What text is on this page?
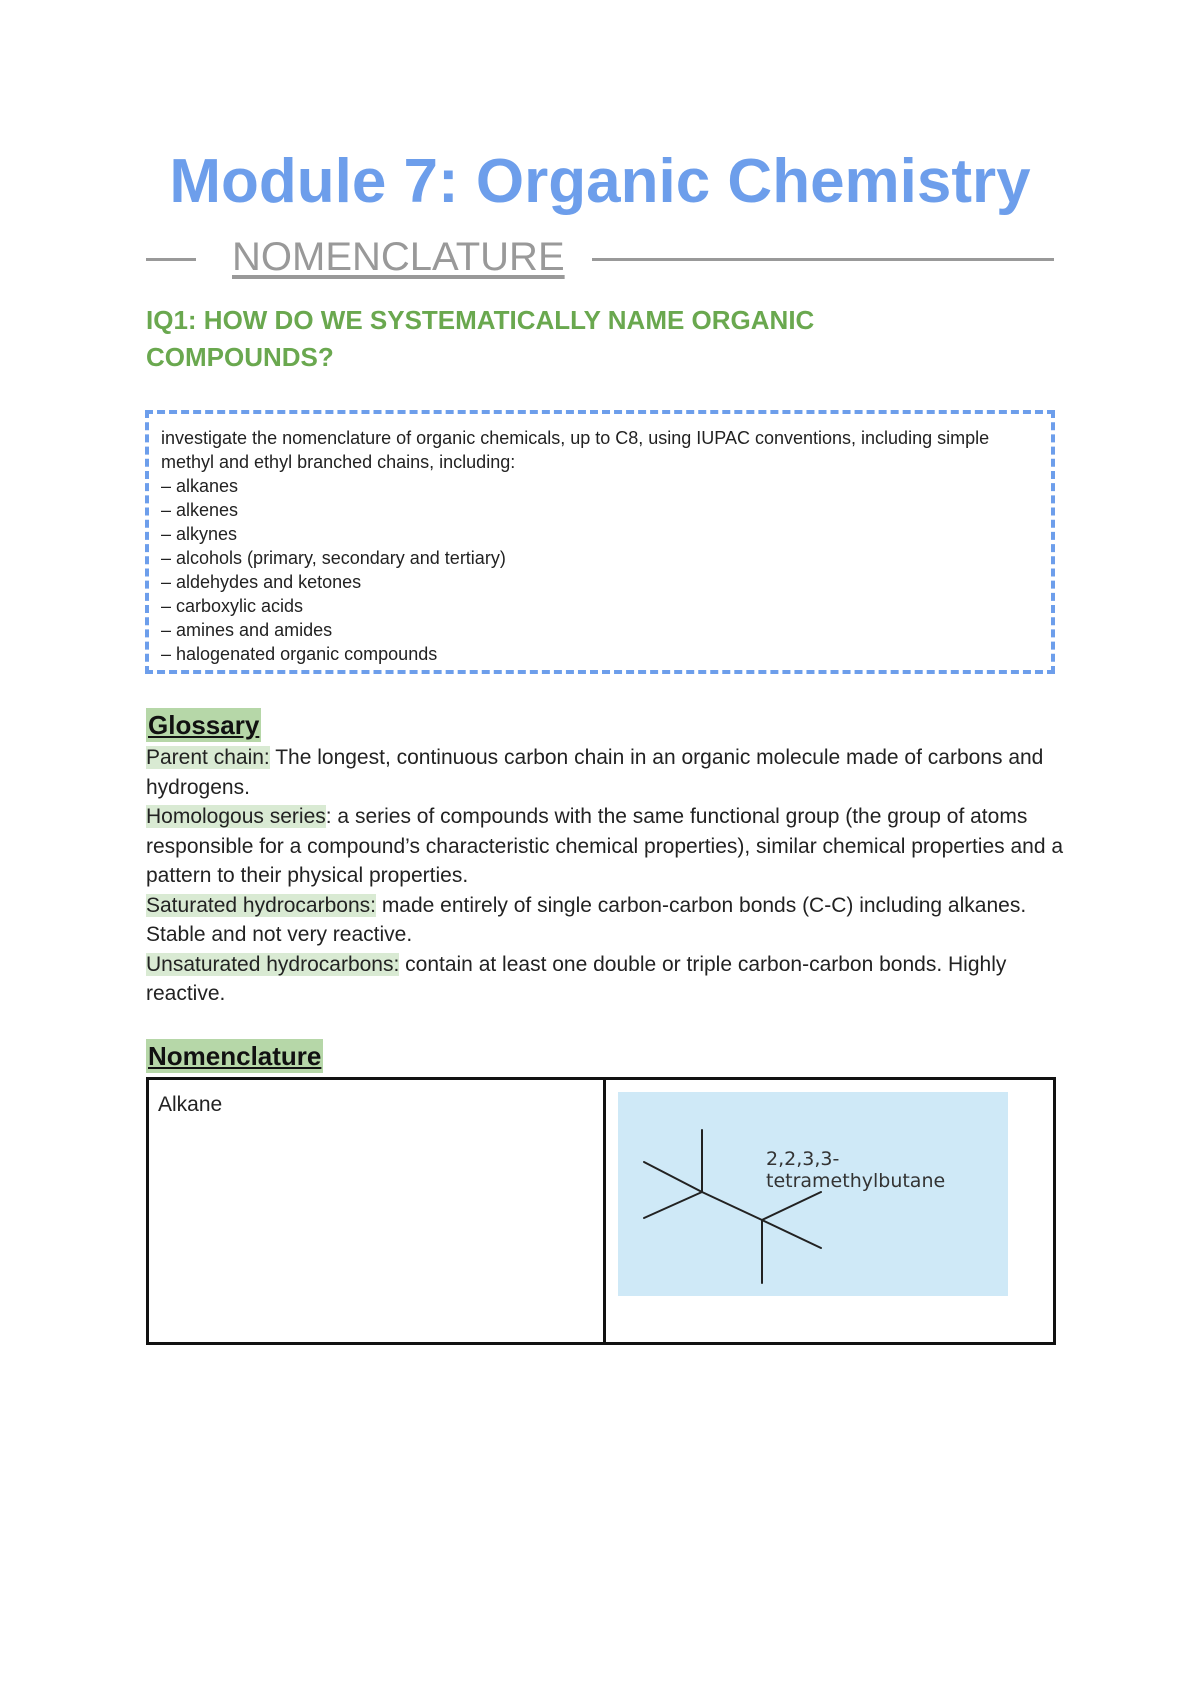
Module 7: Organic Chemistry
NOMENCLATURE
IQ1: HOW DO WE SYSTEMATICALLY NAME ORGANIC COMPOUNDS?

investigate the nomenclature of organic chemicals, up to C8, using IUPAC conventions, including simple methyl and ethyl branched chains, including:

– alkanes
– alkenes
– alkynes
– alcohols (primary, secondary and tertiary)
– aldehydes and ketones
– carboxylic acids
– amines and amides
– halogenated organic compounds
Glossary

Parent chain: The longest, continuous carbon chain in an organic molecule made of carbons and hydrogens.

Homologous series: a series of compounds with the same functional group (the group of atoms responsible for a compound’s characteristic chemical properties), similar chemical properties and a pattern to their physical properties.

Saturated hydrocarbons: made entirely of single carbon-carbon bonds (C-C) including alkanes. Stable and not very reactive.

Unsaturated hydrocarbons: contain at least one double or triple carbon-carbon bonds. Highly reactive.

Nomenclature
Alkane

2,2,3,3-tetramethylbutane
